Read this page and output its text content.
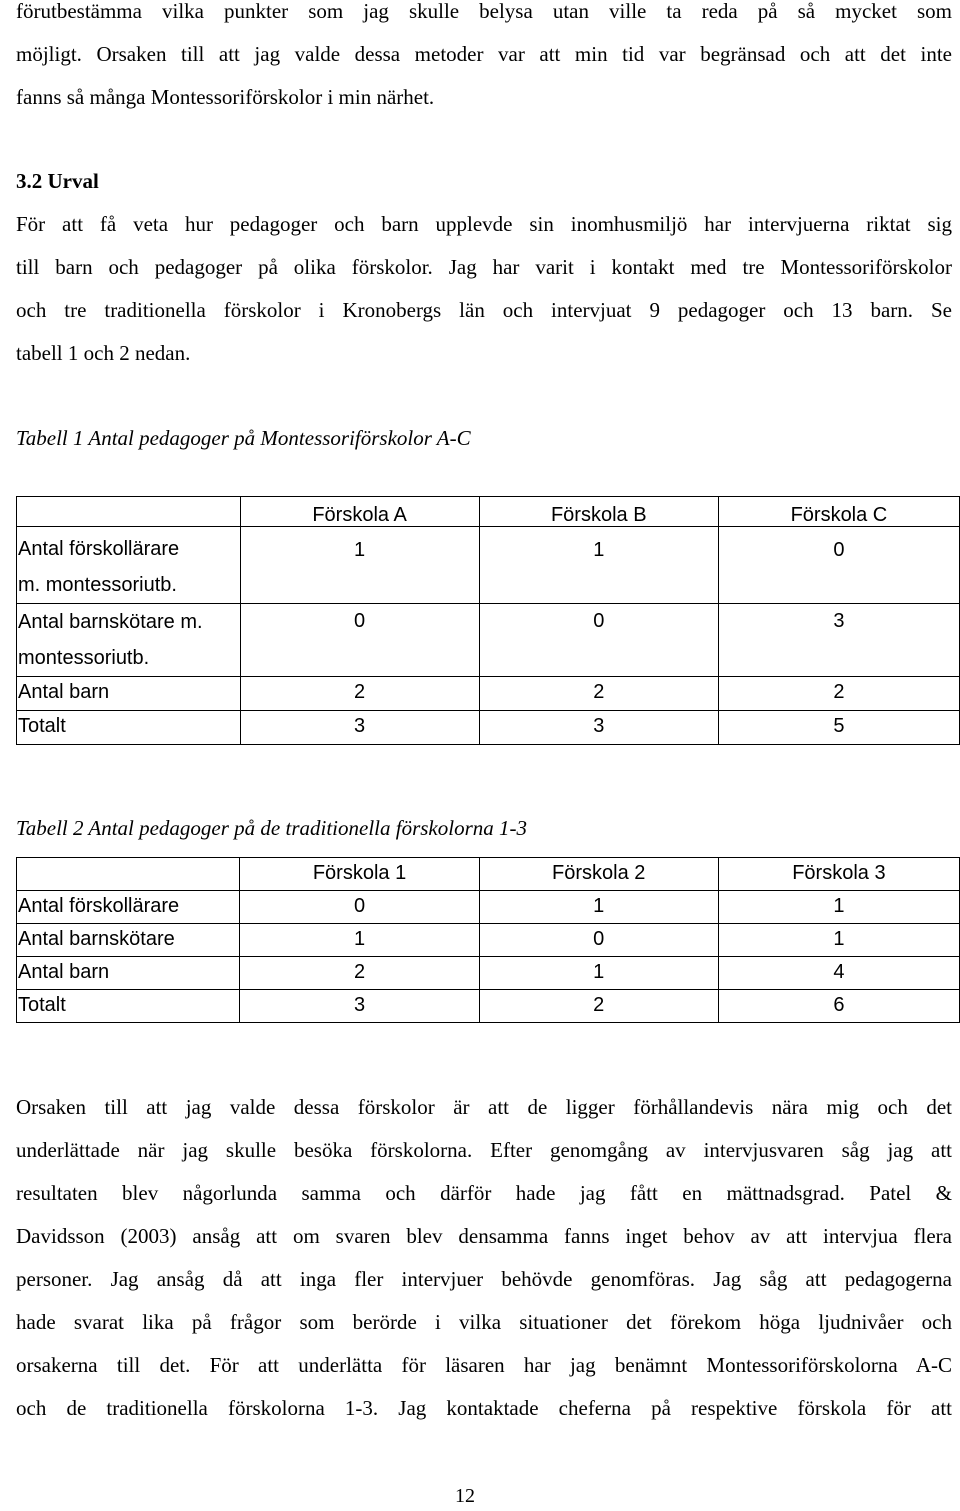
förutbestämma vilka punkter som jag skulle belysa utan ville ta reda på så mycket som
möjligt. Orsaken till att jag valde dessa metoder var att min tid var begränsad och att det inte
fanns så många Montessoriförskolor i min närhet.
3.2 Urval
För att få veta hur pedagoger och barn upplevde sin inomhusmiljö har intervjuerna riktat sig
till barn och pedagoger på olika förskolor. Jag har varit i kontakt med tre Montessoriförskolor
och tre traditionella förskolor i Kronobergs län och intervjuat 9 pedagoger och 13 barn. Se
tabell 1 och 2 nedan.
Tabell 1 Antal pedagoger på Montessoriförskolor A-C
	Förskola A	Förskola B	Förskola C
Antal förskollärare
m. montessoriutb.	1	1	0
Antal barnskötare m.
montessoriutb.	0	0	3
Antal barn	2	2	2
Totalt	3	3	5
Tabell 2 Antal pedagoger på de traditionella förskolorna 1-3
	Förskola 1	Förskola 2	Förskola 3
Antal förskollärare	0	1	1
Antal barnskötare	1	0	1
Antal barn	2	1	4
Totalt	3	2	6
Orsaken till att jag valde dessa förskolor är att de ligger förhållandevis nära mig och det
underlättade när jag skulle besöka förskolorna. Efter genomgång av intervjusvaren såg jag att
resultaten blev någorlunda samma och därför hade jag fått en mättnadsgrad. Patel &
Davidsson (2003) ansåg att om svaren blev densamma fanns inget behov av att intervjua flera
personer. Jag ansåg då att inga fler intervjuer behövde genomföras. Jag såg att pedagogerna
hade svarat lika på frågor som berörde i vilka situationer det förekom höga ljudnivåer och
orsakerna till det. För att underlätta för läsaren har jag benämnt Montessoriförskolorna A-C
och de traditionella förskolorna 1-3. Jag kontaktade cheferna på respektive förskola för att
12
